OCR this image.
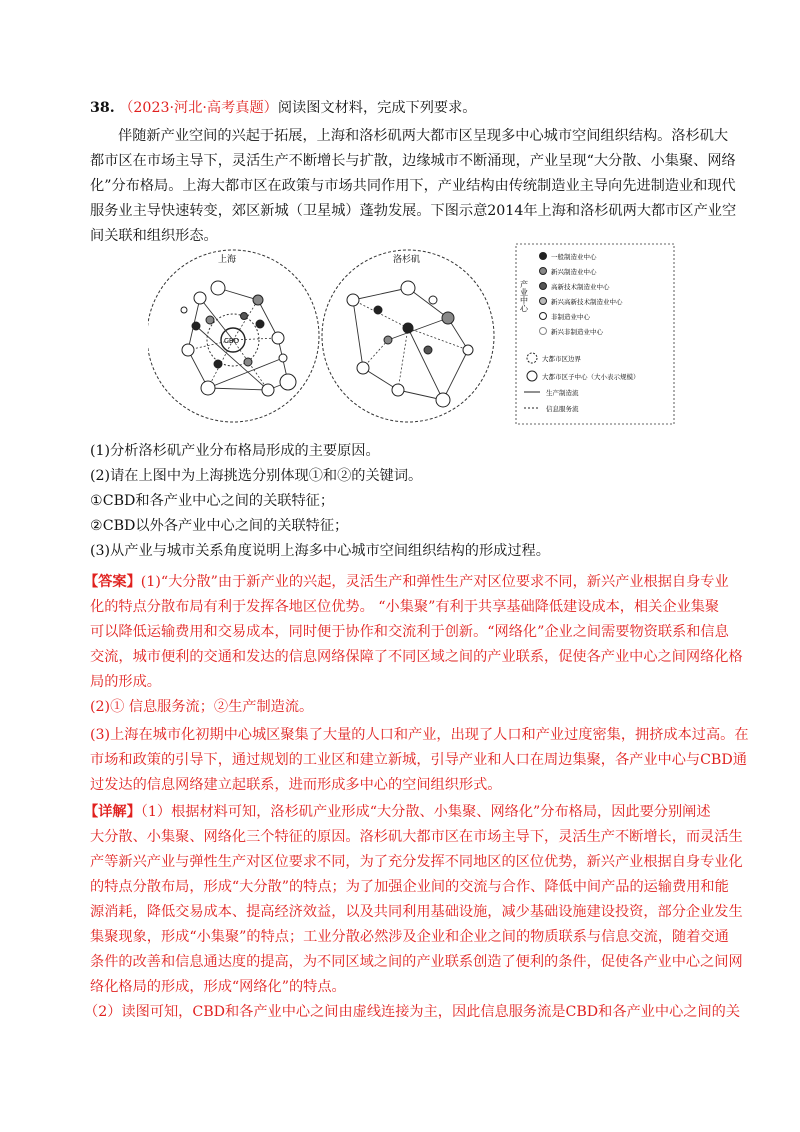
38. （2023·河北·高考真题）阅读图文材料，完成下列要求。
伴随新产业空间的兴起于拓展，上海和洛杉矶两大都市区呈现多中心城市空间组织结构。洛杉矶大
都市区在市场主导下，灵活生产不断增长与扩散，边缘城市不断涌现，产业呈现“大分散、小集聚、网络
化”分布格局。上海大都市区在政策与市场共同作用下，产业结构由传统制造业主导向先进制造业和现代
服务业主导快速转变，郊区新城（卫星城）蓬勃发展。下图示意2014年上海和洛杉矶两大都市区产业空
间关联和组织形态。
上海
CBD
洛杉矶
产业中心
一般制造业中心
新兴制造业中心
高新技术制造业中心
新兴高新技术制造业中心
非制造业中心
新兴非制造业中心
大都市区边界
大都市区子中心（大小表示规模）
生产制造流
信息服务流
(1)分析洛杉矶产业分布格局形成的主要原因。
(2)请在上图中为上海挑选分别体现①和②的关键词。
①CBD和各产业中心之间的关联特征；
②CBD以外各产业中心之间的关联特征；
(3)从产业与城市关系角度说明上海多中心城市空间组织结构的形成过程。
【答案】(1)“大分散”由于新产业的兴起，灵活生产和弹性生产对区位要求不同，新兴产业根据自身专业
化的特点分散布局有利于发挥各地区位优势。 “小集聚”有利于共享基础降低建设成本，相关企业集聚
可以降低运输费用和交易成本，同时便于协作和交流利于创新。“网络化”企业之间需要物资联系和信息
交流，城市便利的交通和发达的信息网络保障了不同区域之间的产业联系，促使各产业中心之间网络化格
局的形成。
(2)① 信息服务流；②生产制造流。
(3)上海在城市化初期中心城区聚集了大量的人口和产业，出现了人口和产业过度密集，拥挤成本过高。在
市场和政策的引导下，通过规划的工业区和建立新城，引导产业和人口在周边集聚，各产业中心与CBD通
过发达的信息网络建立起联系，进而形成多中心的空间组织形式。
【详解】（1）根据材料可知，洛杉矶产业形成“大分散、小集聚、网络化”分布格局，因此要分别阐述
大分散、小集聚、网络化三个特征的原因。洛杉矶大都市区在市场主导下，灵活生产不断增长，而灵活生
产等新兴产业与弹性生产对区位要求不同，为了充分发挥不同地区的区位优势，新兴产业根据自身专业化
的特点分散布局，形成“大分散”的特点；为了加强企业间的交流与合作、降低中间产品的运输费用和能
源消耗，降低交易成本、提高经济效益，以及共同利用基础设施，减少基础设施建设投资，部分企业发生
集聚现象，形成“小集聚”的特点；工业分散必然涉及企业和企业之间的物质联系与信息交流，随着交通
条件的改善和信息通达度的提高，为不同区域之间的产业联系创造了便利的条件，促使各产业中心之间网
络化格局的形成，形成“网络化”的特点。
（2）读图可知，CBD和各产业中心之间由虚线连接为主，因此信息服务流是CBD和各产业中心之间的关
